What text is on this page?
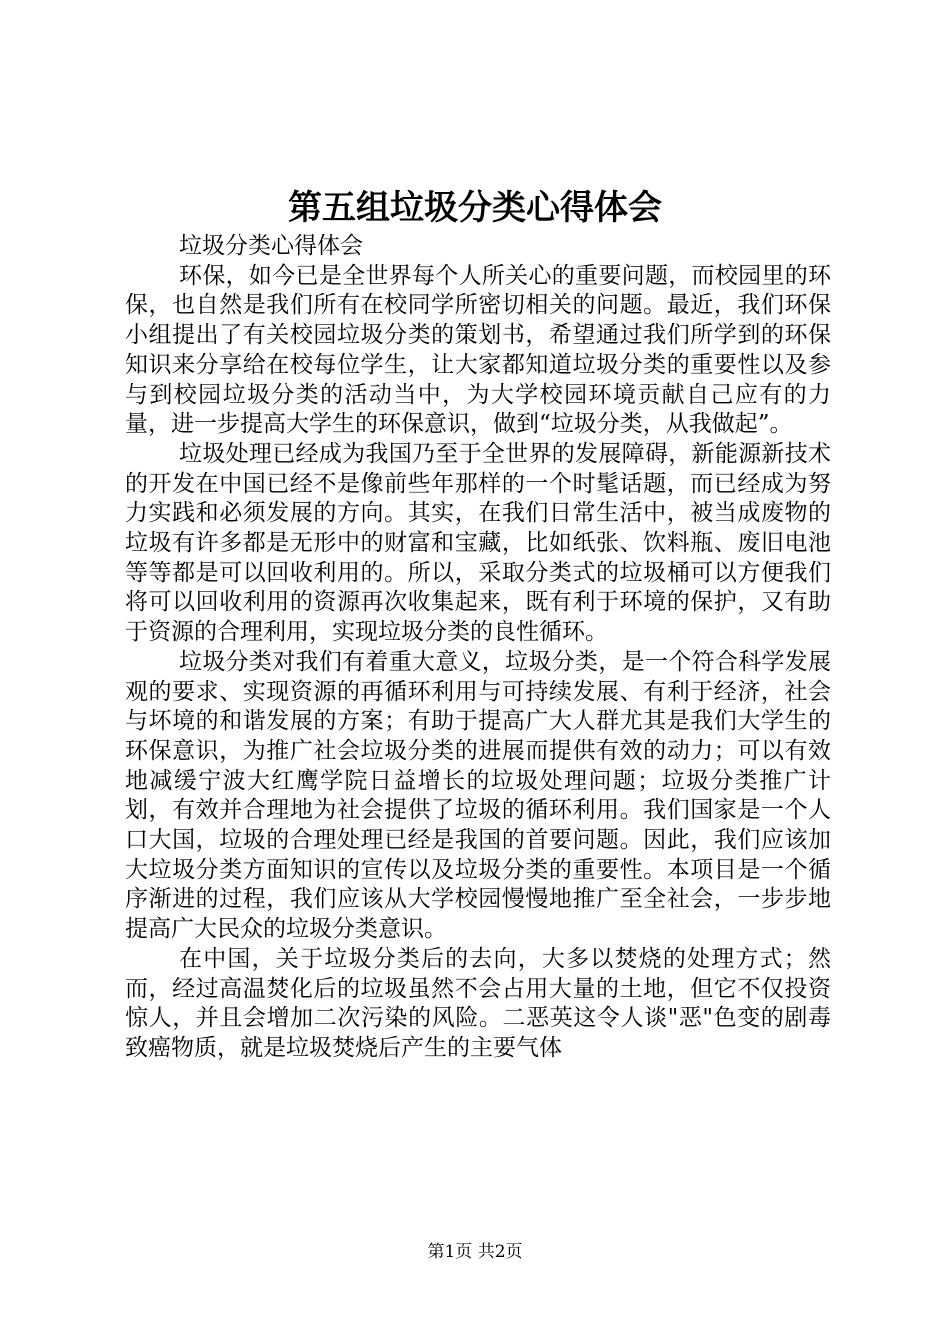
第五组垃圾分类心得体会

垃圾分类心得体会

环保，如今已是全世界每个人所关心的重要问题，而校园里的环保，也自然是我们所有在校同学所密切相关的问题。最近，我们环保小组提出了有关校园垃圾分类的策划书，希望通过我们所学到的环保知识来分享给在校每位学生，让大家都知道垃圾分类的重要性以及参与到校园垃圾分类的活动当中，为大学校园环境贡献自己应有的力量，进一步提高大学生的环保意识，做到“垃圾分类，从我做起”。

垃圾处理已经成为我国乃至于全世界的发展障碍，新能源新技术的开发在中国已经不是像前些年那样的一个时髦话题，而已经成为努力实践和必须发展的方向。其实，在我们日常生活中，被当成废物的垃圾有许多都是无形中的财富和宝藏，比如纸张、饮料瓶、废旧电池等等都是可以回收利用的。所以，采取分类式的垃圾桶可以方便我们将可以回收利用的资源再次收集起来，既有利于环境的保护，又有助于资源的合理利用，实现垃圾分类的良性循环。

垃圾分类对我们有着重大意义，垃圾分类，是一个符合科学发展观的要求、实现资源的再循环利用与可持续发展、有利于经济，社会与坏境的和谐发展的方案；有助于提高广大人群尤其是我们大学生的环保意识，为推广社会垃圾分类的进展而提供有效的动力；可以有效地减缓宁波大红鹰学院日益增长的垃圾处理问题；垃圾分类推广计划，有效并合理地为社会提供了垃圾的循环利用。我们国家是一个人口大国，垃圾的合理处理已经是我国的首要问题。因此，我们应该加大垃圾分类方面知识的宣传以及垃圾分类的重要性。本项目是一个循序渐进的过程，我们应该从大学校园慢慢地推广至全社会，一步步地提高广大民众的垃圾分类意识。

在中国，关于垃圾分类后的去向，大多以焚烧的处理方式；然而，经过高温焚化后的垃圾虽然不会占用大量的土地，但它不仅投资惊人，并且会增加二次污染的风险。二恶英这令人谈"恶"色变的剧毒致癌物质，就是垃圾焚烧后产生的主要气体

第1页 共2页
